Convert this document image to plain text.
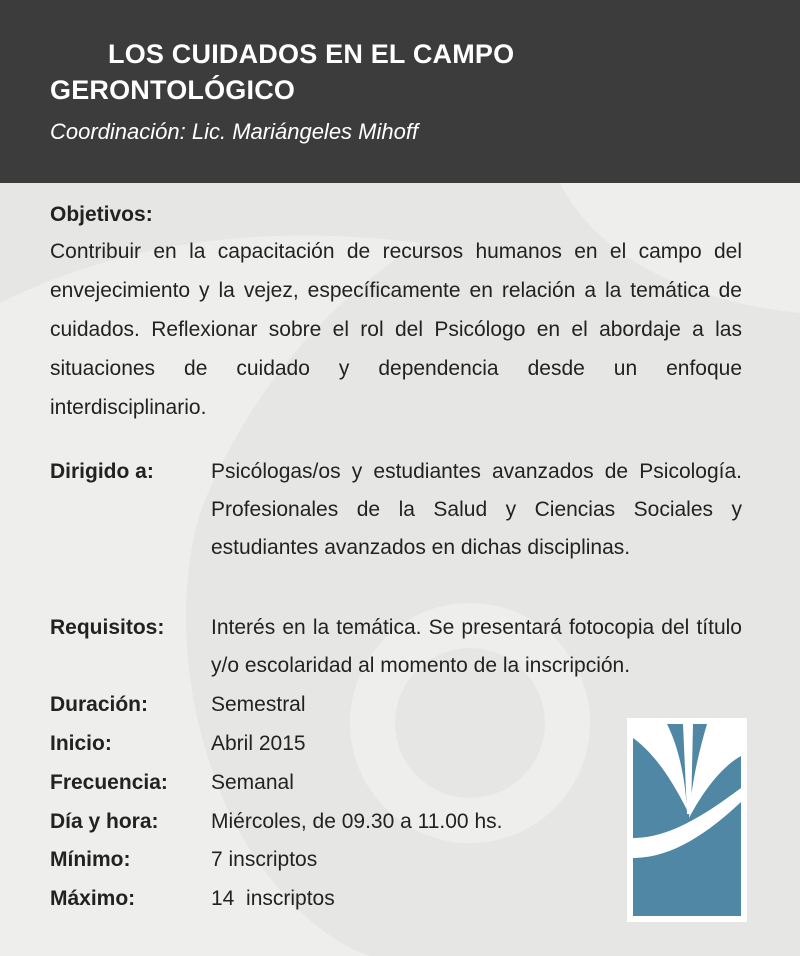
LOS CUIDADOS EN EL CAMPO GERONTOLÓGICO
Coordinación: Lic. Mariángeles Mihoff
Objetivos:
Contribuir en la capacitación de recursos humanos en el campo del envejecimiento y la vejez, específicamente en relación a la temática de cuidados. Reflexionar sobre el rol del Psicólogo en el abordaje a las situaciones de cuidado y dependencia desde un enfoque interdisciplinario.
Dirigido a:	Psicólogas/os y estudiantes avanzados de Psicología. Profesionales de la Salud y Ciencias Sociales y estudiantes avanzados en dichas disciplinas.
Requisitos: Interés en la temática. Se presentará fotocopia del título y/o escolaridad al momento de la inscripción.
Duración:	Semestral
Inicio:	Abril 2015
Frecuencia: Semanal
Día y hora: Miércoles, de 09.30 a 11.00 hs.
Mínimo:	7 inscriptos
Máximo:	14  inscriptos
